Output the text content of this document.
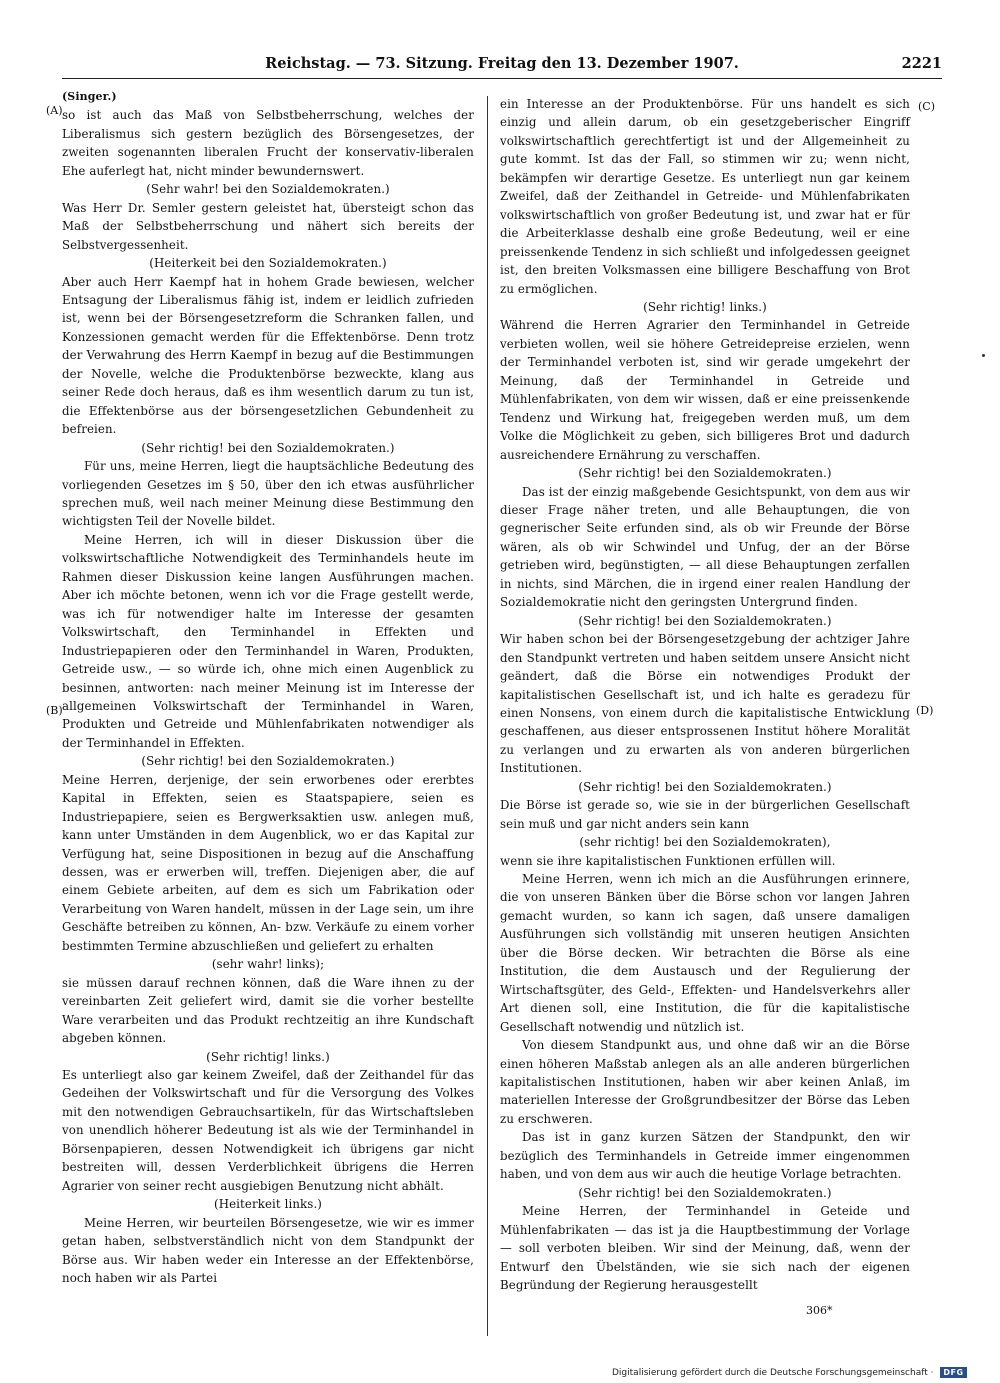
Reichstag. — 73. Sitzung. Freitag den 13. Dezember 1907.	2221
(A)
(B)
(C)
(D)

(Singer.)

so ist auch das Maß von Selbstbeherrschung, welches der Liberalismus sich gestern bezüglich des Börsengesetzes, der zweiten sogenannten liberalen Frucht der konservativ-liberalen Ehe auferlegt hat, nicht minder bewundernswert.

(Sehr wahr! bei den Sozialdemokraten.)

Was Herr Dr. Semler gestern geleistet hat, übersteigt schon das Maß der Selbstbeherrschung und nähert sich bereits der Selbstvergessenheit.

(Heiterkeit bei den Sozialdemokraten.)

Aber auch Herr Kaempf hat in hohem Grade bewiesen, welcher Entsagung der Liberalismus fähig ist, indem er leidlich zufrieden ist, wenn bei der Börsengesetzreform die Schranken fallen, und Konzessionen gemacht werden für die Effektenbörse. Denn trotz der Verwahrung des Herrn Kaempf in bezug auf die Bestimmungen der Novelle, welche die Produktenbörse bezweckte, klang aus seiner Rede doch heraus, daß es ihm wesentlich darum zu tun ist, die Effektenbörse aus der börsengesetzlichen Gebundenheit zu befreien.

(Sehr richtig! bei den Sozialdemokraten.)

Für uns, meine Herren, liegt die hauptsächliche Bedeutung des vorliegenden Gesetzes im § 50, über den ich etwas ausführlicher sprechen muß, weil nach meiner Meinung diese Bestimmung den wichtigsten Teil der Novelle bildet.

Meine Herren, ich will in dieser Diskussion über die volkswirtschaftliche Notwendigkeit des Terminhandels heute im Rahmen dieser Diskussion keine langen Ausführungen machen. Aber ich möchte betonen, wenn ich vor die Frage gestellt werde, was ich für notwendiger halte im Interesse der gesamten Volkswirtschaft, den Terminhandel in Effekten und Industriepapieren oder den Terminhandel in Waren, Produkten, Getreide usw., — so würde ich, ohne mich einen Augenblick zu besinnen, antworten: nach meiner Meinung ist im Interesse der allgemeinen Volkswirtschaft der Terminhandel in Waren, Produkten und Getreide und Mühlenfabrikaten notwendiger als der Terminhandel in Effekten.

(Sehr richtig! bei den Sozialdemokraten.)

Meine Herren, derjenige, der sein erworbenes oder ererbtes Kapital in Effekten, seien es Staatspapiere, seien es Industriepapiere, seien es Bergwerksaktien usw. anlegen muß, kann unter Umständen in dem Augenblick, wo er das Kapital zur Verfügung hat, seine Dispositionen in bezug auf die Anschaffung dessen, was er erwerben will, treffen. Diejenigen aber, die auf einem Gebiete arbeiten, auf dem es sich um Fabrikation oder Verarbeitung von Waren handelt, müssen in der Lage sein, um ihre Geschäfte betreiben zu können, An- bzw. Verkäufe zu einem vorher bestimmten Termine abzuschließen und geliefert zu erhalten

(sehr wahr! links);

sie müssen darauf rechnen können, daß die Ware ihnen zu der vereinbarten Zeit geliefert wird, damit sie die vorher bestellte Ware verarbeiten und das Produkt rechtzeitig an ihre Kundschaft abgeben können.

(Sehr richtig! links.)

Es unterliegt also gar keinem Zweifel, daß der Zeithandel für das Gedeihen der Volkswirtschaft und für die Versorgung des Volkes mit den notwendigen Gebrauchsartikeln, für das Wirtschaftsleben von unendlich höherer Bedeutung ist als wie der Terminhandel in Börsenpapieren, dessen Notwendigkeit ich übrigens gar nicht bestreiten will, dessen Verderblichkeit übrigens die Herren Agrarier von seiner recht ausgiebigen Benutzung nicht abhält.

(Heiterkeit links.)

Meine Herren, wir beurteilen Börsengesetze, wie wir es immer getan haben, selbstverständlich nicht von dem Standpunkt der Börse aus. Wir haben weder ein Interesse an der Effektenbörse, noch haben wir als Partei

ein Interesse an der Produktenbörse. Für uns handelt es sich einzig und allein darum, ob ein gesetzgeberischer Eingriff volkswirtschaftlich gerechtfertigt ist und der Allgemeinheit zu gute kommt. Ist das der Fall, so stimmen wir zu; wenn nicht, bekämpfen wir derartige Gesetze. Es unterliegt nun gar keinem Zweifel, daß der Zeithandel in Getreide- und Mühlenfabrikaten volkswirtschaftlich von großer Bedeutung ist, und zwar hat er für die Arbeiterklasse deshalb eine große Bedeutung, weil er eine preissenkende Tendenz in sich schließt und infolgedessen geeignet ist, den breiten Volksmassen eine billigere Beschaffung von Brot zu ermöglichen.

(Sehr richtig! links.)

Während die Herren Agrarier den Terminhandel in Getreide verbieten wollen, weil sie höhere Getreidepreise erzielen, wenn der Terminhandel verboten ist, sind wir gerade umgekehrt der Meinung, daß der Terminhandel in Getreide und Mühlenfabrikaten, von dem wir wissen, daß er eine preissenkende Tendenz und Wirkung hat, freigegeben werden muß, um dem Volke die Möglichkeit zu geben, sich billigeres Brot und dadurch ausreichendere Ernährung zu verschaffen.

(Sehr richtig! bei den Sozialdemokraten.)

Das ist der einzig maßgebende Gesichtspunkt, von dem aus wir dieser Frage näher treten, und alle Behauptungen, die von gegnerischer Seite erfunden sind, als ob wir Freunde der Börse wären, als ob wir Schwindel und Unfug, der an der Börse getrieben wird, begünstigten, — all diese Behauptungen zerfallen in nichts, sind Märchen, die in irgend einer realen Handlung der Sozialdemokratie nicht den geringsten Untergrund finden.

(Sehr richtig! bei den Sozialdemokraten.)

Wir haben schon bei der Börsengesetzgebung der achtziger Jahre den Standpunkt vertreten und haben seitdem unsere Ansicht nicht geändert, daß die Börse ein notwendiges Produkt der kapitalistischen Gesellschaft ist, und ich halte es geradezu für einen Nonsens, von einem durch die kapitalistische Entwicklung geschaffenen, aus dieser entsprossenen Institut höhere Moralität zu verlangen und zu erwarten als von anderen bürgerlichen Institutionen.

(Sehr richtig! bei den Sozialdemokraten.)

Die Börse ist gerade so, wie sie in der bürgerlichen Gesellschaft sein muß und gar nicht anders sein kann

(sehr richtig! bei den Sozialdemokraten),

wenn sie ihre kapitalistischen Funktionen erfüllen will.

Meine Herren, wenn ich mich an die Ausführungen erinnere, die von unseren Bänken über die Börse schon vor langen Jahren gemacht wurden, so kann ich sagen, daß unsere damaligen Ausführungen sich vollständig mit unseren heutigen Ansichten über die Börse decken. Wir betrachten die Börse als eine Institution, die dem Austausch und der Regulierung der Wirtschaftsgüter, des Geld-, Effekten- und Handelsverkehrs aller Art dienen soll, eine Institution, die für die kapitalistische Gesellschaft notwendig und nützlich ist.

Von diesem Standpunkt aus, und ohne daß wir an die Börse einen höheren Maßstab anlegen als an alle anderen bürgerlichen kapitalistischen Institutionen, haben wir aber keinen Anlaß, im materiellen Interesse der Großgrundbesitzer der Börse das Leben zu erschweren.

Das ist in ganz kurzen Sätzen der Standpunkt, den wir bezüglich des Terminhandels in Getreide immer eingenommen haben, und von dem aus wir auch die heutige Vorlage betrachten.

(Sehr richtig! bei den Sozialdemokraten.)

Meine Herren, der Terminhandel in Geteide und Mühlenfabrikaten — das ist ja die Hauptbestimmung der Vorlage — soll verboten bleiben. Wir sind der Meinung, daß, wenn der Entwurf den Übelständen, wie sie sich nach der eigenen Begründung der Regierung herausgestellt

306*
Digitalisierung gefördert durch die Deutsche Forschungsgemeinschaft · DFG
